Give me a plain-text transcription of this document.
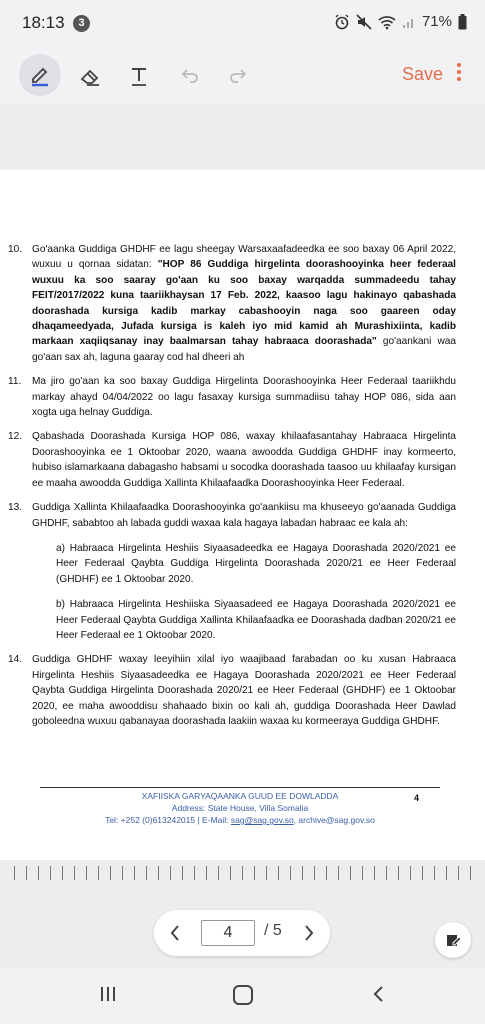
18:13	3	71%
Save
10. Go'aanka Guddiga GHDHF ee lagu sheegay Warsaxaafadeedka ee soo baxay 06 April 2022, wuxuu u qornaa sidatan: "HOP 86 Guddiga hirgelinta doorashooyinka heer federaal wuxuu ka soo saaray go'aan ku soo baxay warqadda summadeedu tahay FEIT/2017/2022 kuna taariikhaysan 17 Feb. 2022, kaasoo lagu hakinayo qabashada doorashada kursiga kadib markay cabashooyin naga soo gaareen oday dhaqameedyada, Jufada kursiga is kaleh iyo mid kamid ah Murashixiinta, kadib markaan xaqiiqsanay inay baalmarsan tahay habraaca doorashada" go'aankani waa go'aan sax ah, laguna gaaray cod hal dheeri ah
11.	Ma jiro go'aan ka soo baxay Guddiga Hirgelinta Doorashooyinka Heer Federaal taariikhdu markay ahayd 04/04/2022 oo lagu fasaxay kursiga summadiisu tahay HOP 086, sida aan xogta uga helnay Guddiga.
12. Qabashada Doorashada Kursiga HOP 086, waxay khilaafasantahay Habraaca Hirgelinta Doorashooyinka ee 1 Oktoobar 2020, waana awoodda Guddiga GHDHF inay kormeerto, hubiso islamarkaana dabagasho habsami u socodka doorashada taasoo uu khilaafay kursigan ee maaha awoodda Guddiga Xallinta Khilaafaadka Doorashooyinka Heer Federaal.
13. Guddiga Xallinta Khilaafaadka Doorashooyinka go'aankiisu ma khuseeyo go'aanada Guddiga GHDHF, sababtoo ah labada guddi waxaa kala hagaya labadan habraac ee kala ah:
a) Habraaca Hirgelinta Heshiis Siyaasadeedka ee Hagaya Doorashada 2020/2021 ee Heer Federaal Qaybta Guddiga Hirgelinta Doorashada 2020/21 ee Heer Federaal (GHDHF) ee 1 Oktoobar 2020.
b) Habraaca Hirgelinta Heshiiska Siyaasadeed ee Hagaya Doorashada 2020/2021 ee Heer Federaal Qaybta Guddiga Xallinta Khilaafaadka ee Doorashada dadban 2020/21 ee Heer Federaal ee 1 Oktoobar 2020.
14. Guddiga GHDHF waxay leeyihiin xilal iyo waajibaad farabadan oo ku xusan Habraaca Hirgelinta Heshiis Siyaasadeedka ee Hagaya Doorashada 2020/2021 ee Heer Federaal Qaybta Guddiga Hirgelinta Doorashada 2020/21 ee Heer Federaal (GHDHF) ee 1 Oktoobar 2020, ee maha awooddisu shahaado bixin oo kali ah, guddiga Doorashada Heer Dawlad goboleedna wuxuu qabanayaa doorashada laakiin waxaa ku kormeeraya Guddiga GHDHF.
XAFIISKA GARYAQAANKA GUUD EE DOWLADDA
Address: State House, Villa Somalia
Tel: +252 (0)613242015 | E-Mail: sag@sag.gov.so, archive@sag.gov.so
4
4	/ 5
